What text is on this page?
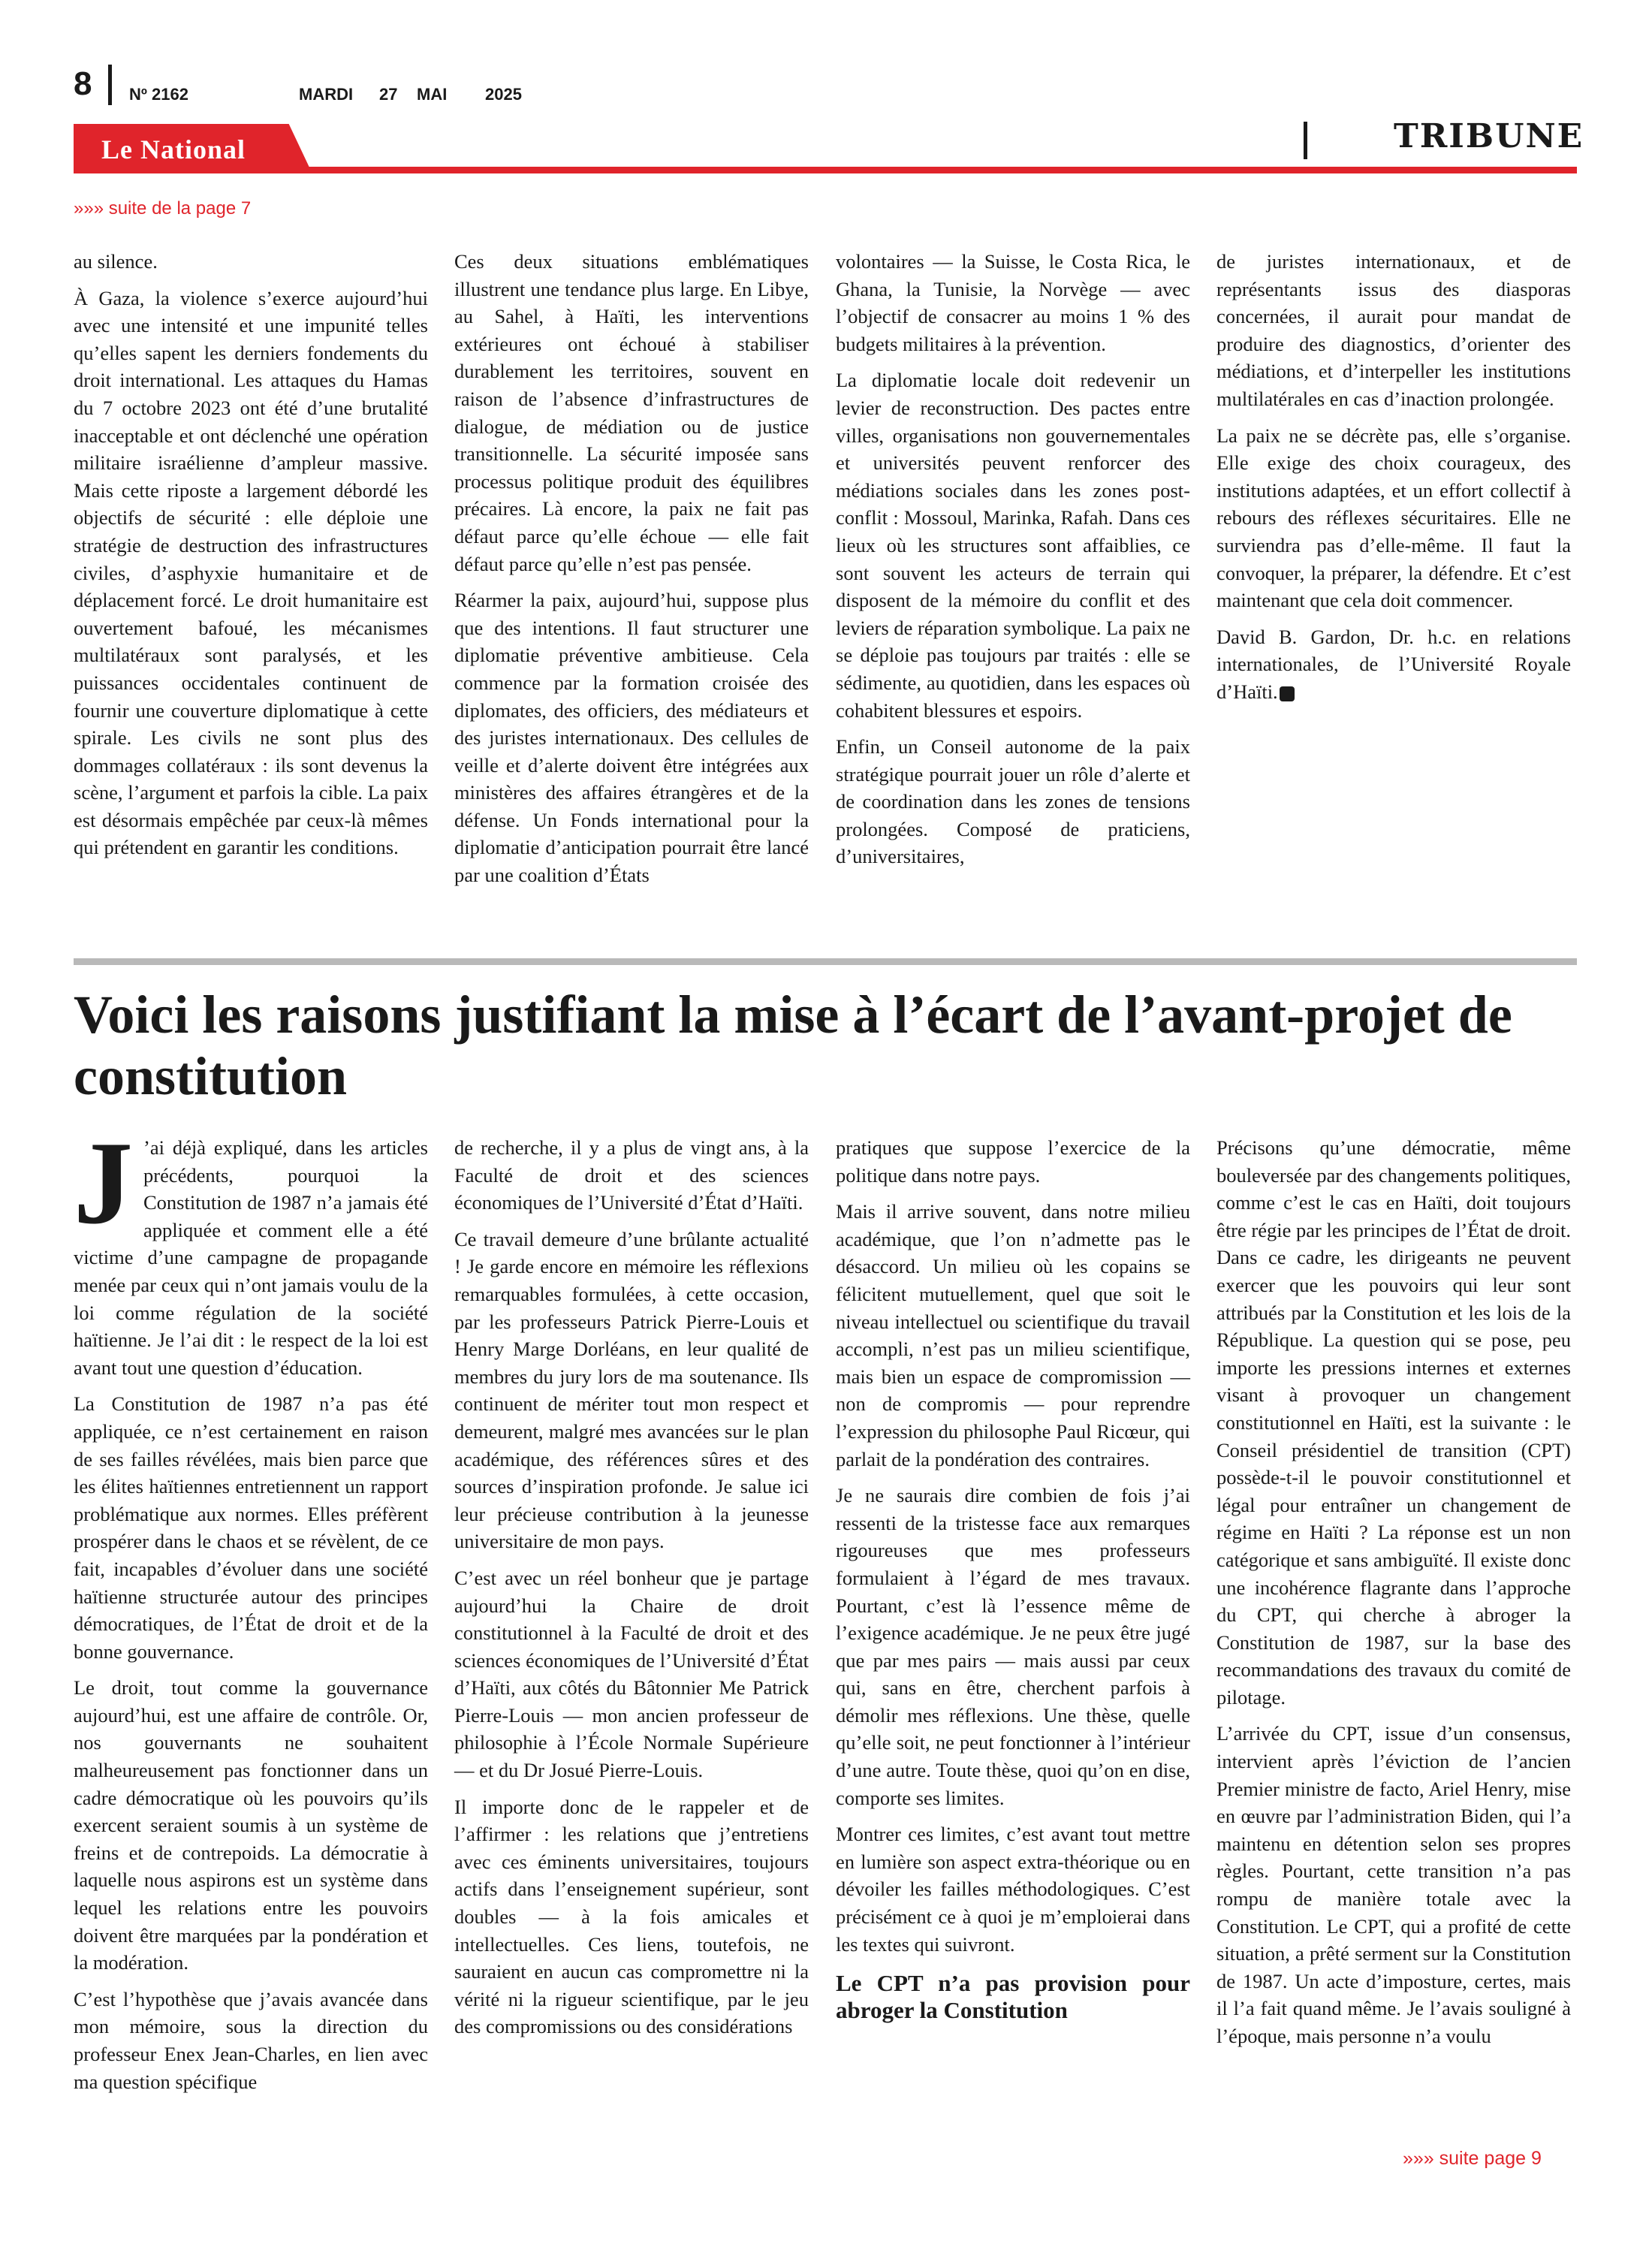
8 Nº 2162	MARDI 27 MAI 2025
Le National	TRIBUNE
»»» suite de la page 7

au silence.

À Gaza, la violence s’exerce aujourd’hui avec une intensité et une impunité telles qu’elles sapent les derniers fondements du droit international. Les attaques du Hamas du 7 octobre 2023 ont été d’une brutalité inacceptable et ont déclenché une opération militaire israélienne d’ampleur massive. Mais cette riposte a largement débordé les objectifs de sécurité : elle déploie une stratégie de destruction des infrastructures civiles, d’asphyxie humanitaire et de déplacement forcé. Le droit humanitaire est ouvertement bafoué, les mécanismes multilatéraux sont paralysés, et les puissances occidentales continuent de fournir une couverture diplomatique à cette spirale. Les civils ne sont plus des dommages collatéraux : ils sont devenus la scène, l’argument et parfois la cible. La paix est désormais empêchée par ceux-là mêmes qui prétendent en garantir les conditions.

Ces deux situations emblématiques illustrent une tendance plus large. En Libye, au Sahel, à Haïti, les interventions extérieures ont échoué à stabiliser durablement les territoires, souvent en raison de l’absence d’infrastructures de dialogue, de médiation ou de justice transitionnelle. La sécurité imposée sans processus politique produit des équilibres précaires. Là encore, la paix ne fait pas défaut parce qu’elle échoue — elle fait défaut parce qu’elle n’est pas pensée.

Réarmer la paix, aujourd’hui, suppose plus que des intentions. Il faut structurer une diplomatie préventive ambitieuse. Cela commence par la formation croisée des diplomates, des officiers, des médiateurs et des juristes internationaux. Des cellules de veille et d’alerte doivent être intégrées aux ministères des affaires étrangères et de la défense. Un Fonds international pour la diplomatie d’anticipation pourrait être lancé par une coalition d’États

volontaires — la Suisse, le Costa Rica, le Ghana, la Tunisie, la Norvège — avec l’objectif de consacrer au moins 1 % des budgets militaires à la prévention.

La diplomatie locale doit redevenir un levier de reconstruction. Des pactes entre villes, organisations non gouvernementales et universités peuvent renforcer des médiations sociales dans les zones post-conflit : Mossoul, Marinka, Rafah. Dans ces lieux où les structures sont affaiblies, ce sont souvent les acteurs de terrain qui disposent de la mémoire du conflit et des leviers de réparation symbolique. La paix ne se déploie pas toujours par traités : elle se sédimente, au quotidien, dans les espaces où cohabitent blessures et espoirs.

Enfin, un Conseil autonome de la paix stratégique pourrait jouer un rôle d’alerte et de coordination dans les zones de tensions prolongées. Composé de praticiens, d’universitaires,

de juristes internationaux, et de représentants issus des diasporas concernées, il aurait pour mandat de produire des diagnostics, d’orienter des médiations, et d’interpeller les institutions multilatérales en cas d’inaction prolongée.

La paix ne se décrète pas, elle s’organise. Elle exige des choix courageux, des institutions adaptées, et un effort collectif à rebours des réflexes sécuritaires. Elle ne surviendra pas d’elle-même. Il faut la convoquer, la préparer, la défendre. Et c’est maintenant que cela doit commencer.

David B. Gardon, Dr. h.c. en relations internationales, de l’Université Royale d’Haïti.

Voici les raisons justifiant la mise à l’écart de l’avant-projet de constitution

J ’ai déjà expliqué, dans les articles précédents, pourquoi la Constitution de 1987 n’a jamais été appliquée et comment elle a été victime d’une campagne de propagande menée par ceux qui n’ont jamais voulu de la loi comme régulation de la société haïtienne. Je l’ai dit : le respect de la loi est avant tout une question d’éducation.

La Constitution de 1987 n’a pas été appliquée, ce n’est certainement en raison de ses failles révélées, mais bien parce que les élites haïtiennes entretiennent un rapport problématique aux normes. Elles préfèrent prospérer dans le chaos et se révèlent, de ce fait, incapables d’évoluer dans une société haïtienne structurée autour des principes démocratiques, de l’État de droit et de la bonne gouvernance.

Le droit, tout comme la gouvernance aujourd’hui, est une affaire de contrôle. Or, nos gouvernants ne souhaitent malheureusement pas fonctionner dans un cadre démocratique où les pouvoirs qu’ils exercent seraient soumis à un système de freins et de contrepoids. La démocratie à laquelle nous aspirons est un système dans lequel les relations entre les pouvoirs doivent être marquées par la pondération et la modération.

C’est l’hypothèse que j’avais avancée dans mon mémoire, sous la direction du professeur Enex Jean-Charles, en lien avec ma question spécifique

de recherche, il y a plus de vingt ans, à la Faculté de droit et des sciences économiques de l’Université d’État d’Haïti.

Ce travail demeure d’une brûlante actualité ! Je garde encore en mémoire les réflexions remarquables formulées, à cette occasion, par les professeurs Patrick Pierre-Louis et Henry Marge Dorléans, en leur qualité de membres du jury lors de ma soutenance. Ils continuent de mériter tout mon respect et demeurent, malgré mes avancées sur le plan académique, des références sûres et des sources d’inspiration profonde. Je salue ici leur précieuse contribution à la jeunesse universitaire de mon pays.

C’est avec un réel bonheur que je partage aujourd’hui la Chaire de droit constitutionnel à la Faculté de droit et des sciences économiques de l’Université d’État d’Haïti, aux côtés du Bâtonnier Me Patrick Pierre-Louis — mon ancien professeur de philosophie à l’École Normale Supérieure — et du Dr Josué Pierre-Louis.

Il importe donc de le rappeler et de l’affirmer : les relations que j’entretiens avec ces éminents universitaires, toujours actifs dans l’enseignement supérieur, sont doubles — à la fois amicales et intellectuelles. Ces liens, toutefois, ne sauraient en aucun cas compromettre ni la vérité ni la rigueur scientifique, par le jeu des compromissions ou des considérations

pratiques que suppose l’exercice de la politique dans notre pays.

Mais il arrive souvent, dans notre milieu académique, que l’on n’admette pas le désaccord. Un milieu où les copains se félicitent mutuellement, quel que soit le niveau intellectuel ou scientifique du travail accompli, n’est pas un milieu scientifique, mais bien un espace de compromission — non de compromis — pour reprendre l’expression du philosophe Paul Ricœur, qui parlait de la pondération des contraires.

Je ne saurais dire combien de fois j’ai ressenti de la tristesse face aux remarques rigoureuses que mes professeurs formulaient à l’égard de mes travaux. Pourtant, c’est là l’essence même de l’exigence académique. Je ne peux être jugé que par mes pairs — mais aussi par ceux qui, sans en être, cherchent parfois à démolir mes réflexions. Une thèse, quelle qu’elle soit, ne peut fonctionner à l’intérieur d’une autre. Toute thèse, quoi qu’on en dise, comporte ses limites.

Montrer ces limites, c’est avant tout mettre en lumière son aspect extra-théorique ou en dévoiler les failles méthodologiques. C’est précisément ce à quoi je m’emploierai dans les textes qui suivront.

Le CPT n’a pas provision pour abroger la Constitution

Précisons qu’une démocratie, même bouleversée par des changements politiques, comme c’est le cas en Haïti, doit toujours être régie par les principes de l’État de droit. Dans ce cadre, les dirigeants ne peuvent exercer que les pouvoirs qui leur sont attribués par la Constitution et les lois de la République. La question qui se pose, peu importe les pressions internes et externes visant à provoquer un changement constitutionnel en Haïti, est la suivante : le Conseil présidentiel de transition (CPT) possède-t-il le pouvoir constitutionnel et légal pour entraîner un changement de régime en Haïti ? La réponse est un non catégorique et sans ambiguïté. Il existe donc une incohérence flagrante dans l’approche du CPT, qui cherche à abroger la Constitution de 1987, sur la base des recommandations des travaux du comité de pilotage.

L’arrivée du CPT, issue d’un consensus, intervient après l’éviction de l’ancien Premier ministre de facto, Ariel Henry, mise en œuvre par l’administration Biden, qui l’a maintenu en détention selon ses propres règles. Pourtant, cette transition n’a pas rompu de manière totale avec la Constitution. Le CPT, qui a profité de cette situation, a prêté serment sur la Constitution de 1987. Un acte d’imposture, certes, mais il l’a fait quand même. Je l’avais souligné à l’époque, mais personne n’a voulu

»»» suite page 9
